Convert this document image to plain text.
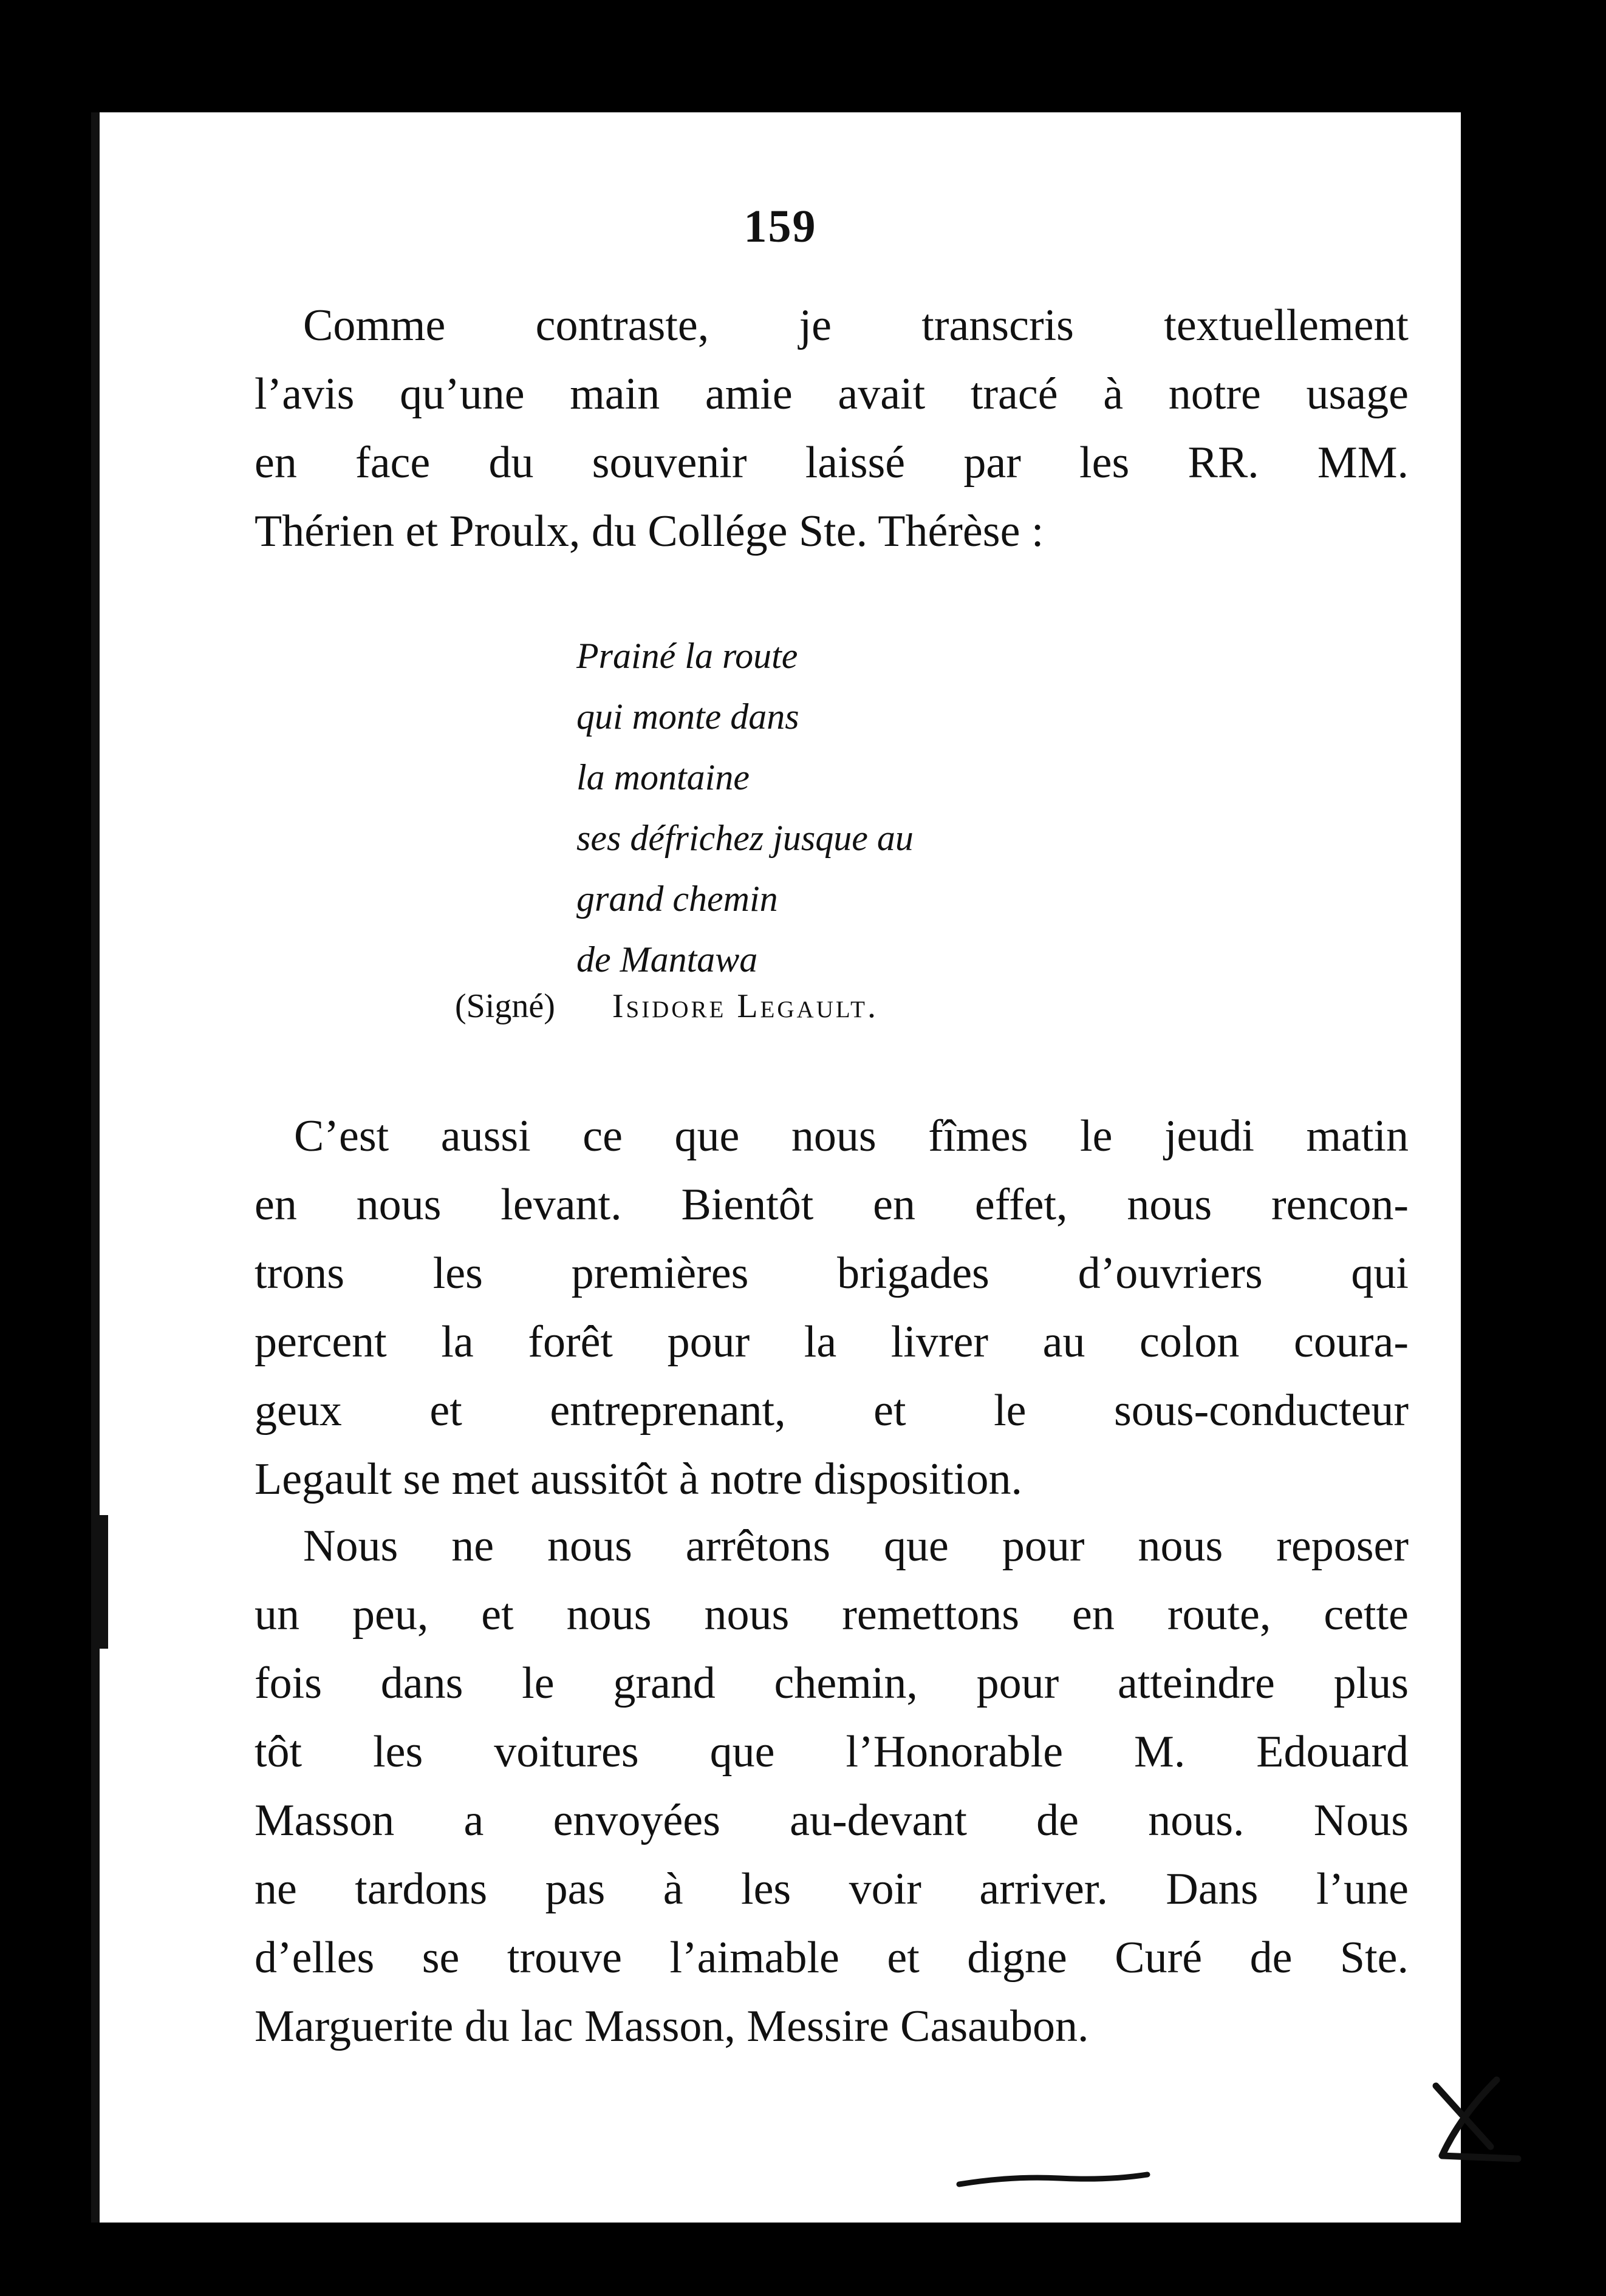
159
Comme contraste, je transcris textuellement
l’avis qu’une main amie avait tracé à notre usage
en face du souvenir laissé par les RR. MM.
Thérien et Proulx, du Collége Ste. Thérèse :
Prainé la route
qui monte dans
la montaine
ses défrichez jusque au
grand chemin
de Mantawa
(Signé) Isidore Legault.
C’est aussi ce que nous fîmes le jeudi matin
en nous levant. Bientôt en effet, nous rencon-
trons les premières brigades d’ouvriers qui
percent la forêt pour la livrer au colon coura-
geux et entreprenant, et le sous-conducteur
Legault se met aussitôt à notre disposition.
Nous ne nous arrêtons que pour nous reposer
un peu, et nous nous remettons en route, cette
fois dans le grand chemin, pour atteindre plus
tôt les voitures que l’Honorable M. Edouard
Masson a envoyées au-devant de nous. Nous
ne tardons pas à les voir arriver. Dans l’une
d’elles se trouve l’aimable et digne Curé de Ste.
Marguerite du lac Masson, Messire Casaubon.
